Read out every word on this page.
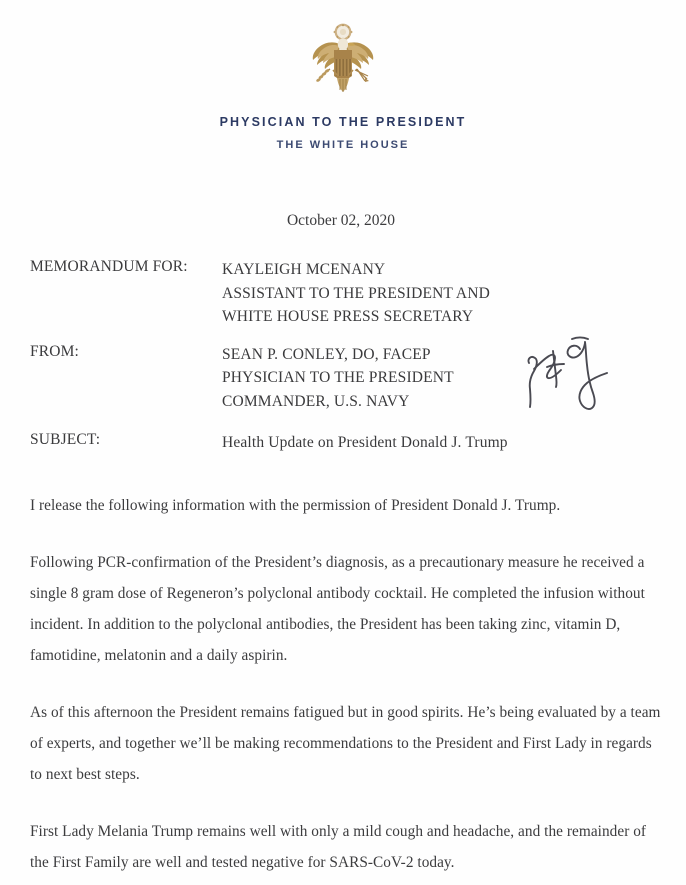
PHYSICIAN TO THE PRESIDENT
THE WHITE HOUSE
October 02, 2020
MEMORANDUM FOR: KAYLEIGH MCENANY
ASSISTANT TO THE PRESIDENT AND
WHITE HOUSE PRESS SECRETARY
FROM:	SEAN P. CONLEY, DO, FACEP
PHYSICIAN TO THE PRESIDENT
COMMANDER, U.S. NAVY
SUBJECT:	Health Update on President Donald J. Trump

I release the following information with the permission of President Donald J. Trump.

Following PCR-confirmation of the President’s diagnosis, as a precautionary measure he received a single 8 gram dose of Regeneron’s polyclonal antibody cocktail. He completed the infusion without incident. In addition to the polyclonal antibodies, the President has been taking zinc, vitamin D, famotidine, melatonin and a daily aspirin.

As of this afternoon the President remains fatigued but in good spirits. He’s being evaluated by a team of experts, and together we’ll be making recommendations to the President and First Lady in regards to next best steps.

First Lady Melania Trump remains well with only a mild cough and headache, and the remainder of the First Family are well and tested negative for SARS-CoV-2 today.
